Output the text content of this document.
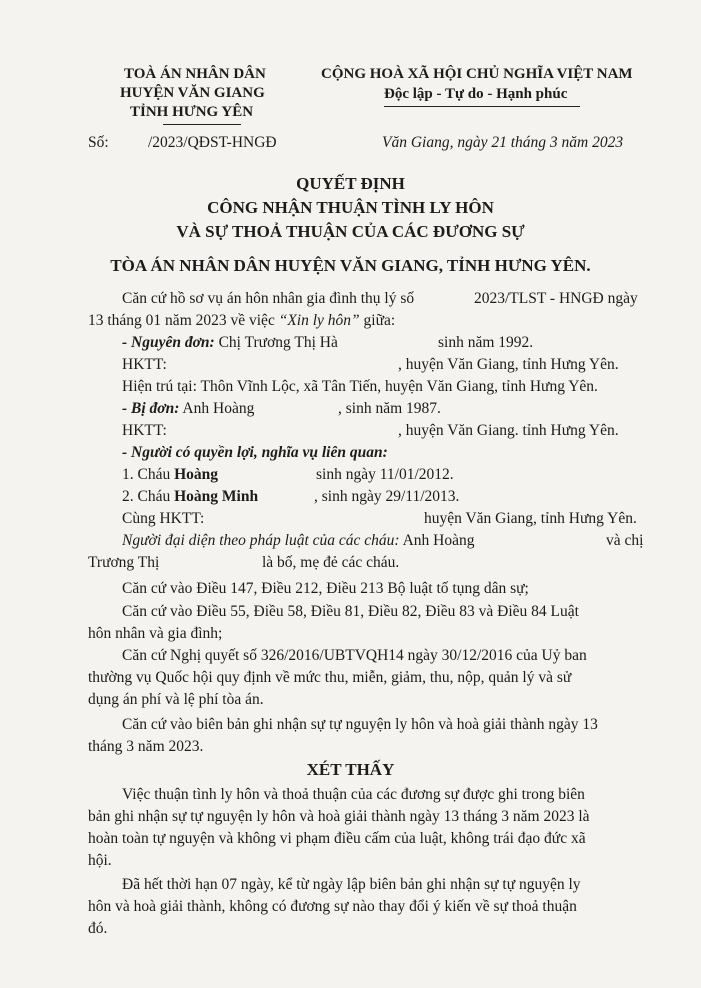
TOÀ ÁN NHÂN DÂN
HUYỆN VĂN GIANG
TỈNH HƯNG YÊN
CỘNG HOÀ XÃ HỘI CHỦ NGHĨA VIỆT NAM
Độc lập - Tự do - Hạnh phúc
Số:	/2023/QĐST-HNGĐ	Văn Giang, ngày 21 tháng 3 năm 2023
QUYẾT ĐỊNH
CÔNG NHẬN THUẬN TÌNH LY HÔN
VÀ SỰ THOẢ THUẬN CỦA CÁC ĐƯƠNG SỰ
TÒA ÁN NHÂN DÂN HUYỆN VĂN GIANG, TỈNH HƯNG YÊN.
Căn cứ hồ sơ vụ án hôn nhân gia đình thụ lý số	2023/TLST - HNGĐ ngày
13 tháng 01 năm 2023 về việc “Xin ly hôn” giữa:
- Nguyên đơn: Chị Trương Thị Hà	sinh năm 1992.
HKTT:	, huyện Văn Giang, tỉnh Hưng Yên.
Hiện trú tại: Thôn Vĩnh Lộc, xã Tân Tiến, huyện Văn Giang, tỉnh Hưng Yên.
- Bị đơn: Anh Hoàng	, sinh năm 1987.
HKTT:	, huyện Văn Giang. tỉnh Hưng Yên.
- Người có quyền lợi, nghĩa vụ liên quan:
1. Cháu Hoàng	sinh ngày 11/01/2012.
2. Cháu Hoàng Minh	, sinh ngày 29/11/2013.
Cùng HKTT:	huyện Văn Giang, tỉnh Hưng Yên.
Người đại diện theo pháp luật của các cháu: Anh Hoàng	và chị
Trương Thị	là bố, mẹ đẻ các cháu.
Căn cứ vào Điều 147, Điều 212, Điều 213 Bộ luật tố tụng dân sự;
Căn cứ vào Điều 55, Điều 58, Điều 81, Điều 82, Điều 83 và Điều 84 Luật
hôn nhân và gia đình;
Căn cứ Nghị quyết số 326/2016/UBTVQH14 ngày 30/12/2016 của Uỷ ban
thường vụ Quốc hội quy định về mức thu, miễn, giảm, thu, nộp, quản lý và sử
dụng án phí và lệ phí tòa án.
Căn cứ vào biên bản ghi nhận sự tự nguyện ly hôn và hoà giải thành ngày 13
tháng 3 năm 2023.
XÉT THẤY
Việc thuận tình ly hôn và thoả thuận của các đương sự được ghi trong biên
bản ghi nhận sự tự nguyện ly hôn và hoà giải thành ngày 13 tháng 3 năm 2023 là
hoàn toàn tự nguyện và không vi phạm điều cấm của luật, không trái đạo đức xã
hội.
Đã hết thời hạn 07 ngày, kể từ ngày lập biên bản ghi nhận sự tự nguyện ly
hôn và hoà giải thành, không có đương sự nào thay đổi ý kiến về sự thoả thuận
đó.
